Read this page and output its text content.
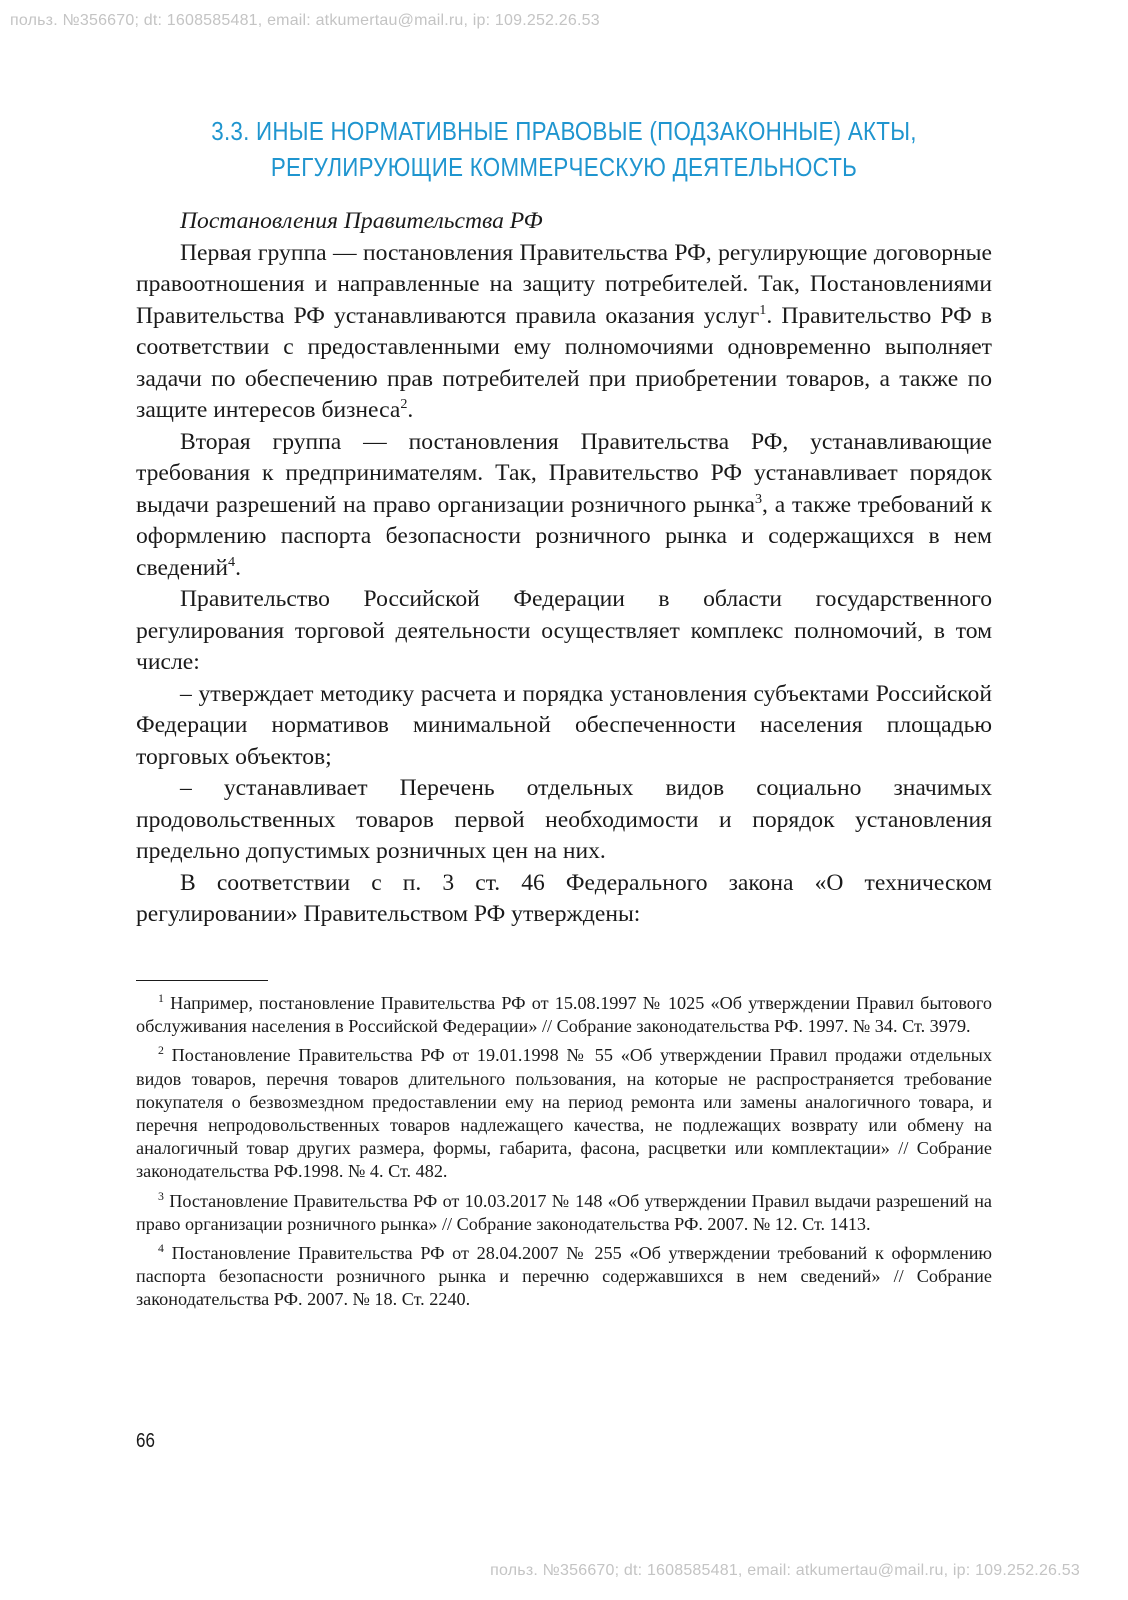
польз. №356670; dt: 1608585481, email: atkumertau@mail.ru, ip: 109.252.26.53
3.3. ИНЫЕ НОРМАТИВНЫЕ ПРАВОВЫЕ (ПОДЗАКОННЫЕ) АКТЫ,
РЕГУЛИРУЮЩИЕ КОММЕРЧЕСКУЮ ДЕЯТЕЛЬНОСТЬ

Постановления Правительства РФ

Первая группа — постановления Правительства РФ, регулирующие договорные правоотношения и направленные на защиту потребителей. Так, Постановлениями Правительства РФ устанавливаются правила оказания услуг$^1$. Правительство РФ в соответствии с предоставленными ему полномочиями одновременно выполняет задачи по обеспечению прав потребителей при приобретении товаров, а также по защите интересов бизнеса$^2$.

Вторая группа — постановления Правительства РФ, устанавливающие требования к предпринимателям. Так, Правительство РФ устанавливает порядок выдачи разрешений на право организации розничного рынка$^3$, а также требований к оформлению паспорта безопасности розничного рынка и содержащихся в нем сведений$^4$.

Правительство Российской Федерации в области государственного регулирования торговой деятельности осуществляет комплекс полномочий, в том числе:

– утверждает методику расчета и порядка установления субъектами Российской Федерации нормативов минимальной обеспеченности населения площадью торговых объектов;

– устанавливает Перечень отдельных видов социально значимых продовольственных товаров первой необходимости и порядок установления предельно допустимых розничных цен на них.

В соответствии с п. 3 ст. 46 Федерального закона «О техническом регулировании» Правительством РФ утверждены:

$^1$ Например, постановление Правительства РФ от 15.08.1997 № 1025 «Об утверждении Правил бытового обслуживания населения в Российской Федерации» // Собрание законодательства РФ. 1997. № 34. Ст. 3979.

$^2$ Постановление Правительства РФ от 19.01.1998 № 55 «Об утверждении Правил продажи отдельных видов товаров, перечня товаров длительного пользования, на которые не распространяется требование покупателя о безвозмездном предоставлении ему на период ремонта или замены аналогичного товара, и перечня непродовольственных товаров надлежащего качества, не подлежащих возврату или обмену на аналогичный товар других размера, формы, габарита, фасона, расцветки или комплектации» // Собрание законодательства РФ.1998. № 4. Ст. 482.

$^3$ Постановление Правительства РФ от 10.03.2017 № 148 «Об утверждении Правил выдачи разрешений на право организации розничного рынка» // Собрание законодательства РФ. 2007. № 12. Ст. 1413.

$^4$ Постановление Правительства РФ от 28.04.2007 № 255 «Об утверждении требований к оформлению паспорта безопасности розничного рынка и перечню содержавшихся в нем сведений» // Собрание законодательства РФ. 2007. № 18. Ст. 2240.

66
польз. №356670; dt: 1608585481, email: atkumertau@mail.ru, ip: 109.252.26.53
